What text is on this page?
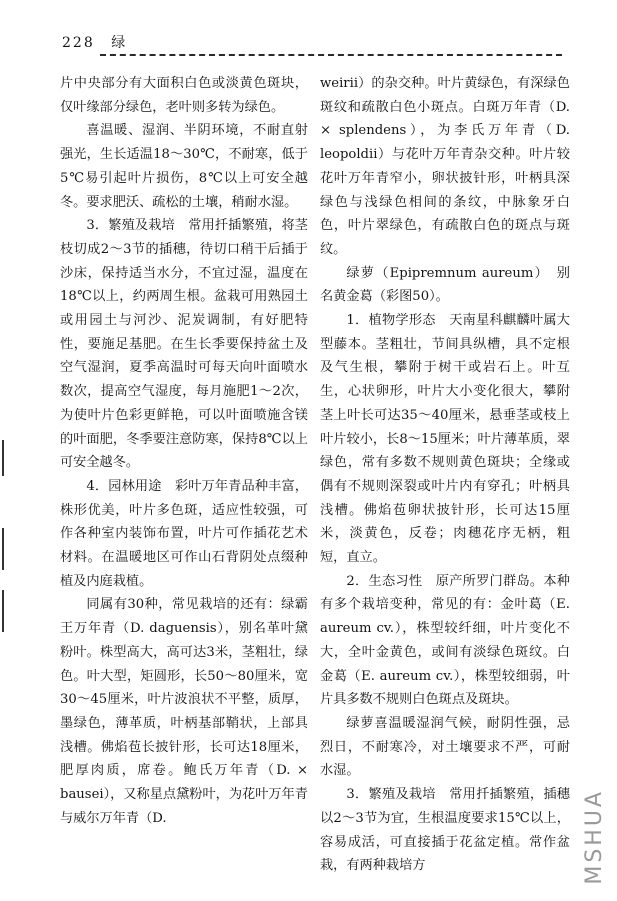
228 绿

片中央部分有大面积白色或淡黄色斑块，仅叶缘部分绿色，老叶则多转为绿色。

喜温暖、湿润、半阴环境，不耐直射强光，生长适温18～30℃，不耐寒，低于5℃易引起叶片损伤，8℃以上可安全越冬。要求肥沃、疏松的土壤，稍耐水湿。

3．繁殖及栽培　常用扦插繁殖，将茎枝切成2～3节的插穗，待切口稍干后插于沙床，保持适当水分，不宜过湿，温度在18℃以上，约两周生根。盆栽可用熟园土或用园土与河沙、泥炭调制，有好肥特性，要施足基肥。在生长季要保持盆土及空气湿润，夏季高温时可每天向叶面喷水数次，提高空气湿度，每月施肥1～2次，为使叶片色彩更鲜艳，可以叶面喷施含镁的叶面肥，冬季要注意防寒，保持8℃以上可安全越冬。

4．园林用途　彩叶万年青品种丰富，株形优美，叶片多色斑，适应性较强，可作各种室内装饰布置，叶片可作插花艺术材料。在温暖地区可作山石背阴处点缀种植及内庭栽植。

同属有30种，常见栽培的还有：绿霸王万年青（D. daguensis），别名革叶黛粉叶。株型高大，高可达3米，茎粗壮，绿色。叶大型，矩圆形，长50～80厘米，宽30～45厘米，叶片波浪状不平整，质厚，墨绿色，薄革质，叶柄基部鞘状，上部具浅槽。佛焰苞长披针形，长可达18厘米，肥厚肉质，席卷。鲍氏万年青（D. × bausei），又称星点黛粉叶，为花叶万年青与威尔万年青（D.

weirii）的杂交种。叶片黄绿色，有深绿色斑纹和疏散白色小斑点。白斑万年青（D. × splendens），为李氏万年青（D. leopoldii）与花叶万年青杂交种。叶片较花叶万年青窄小，卵状披针形，叶柄具深绿色与浅绿色相间的条纹，中脉象牙白色，叶片翠绿色，有疏散白色的斑点与斑纹。

绿萝（Epipremnum aureum）　别名黄金葛（彩图50）。

1．植物学形态　天南星科麒麟叶属大型藤本。茎粗壮，节间具纵槽，具不定根及气生根，攀附于树干或岩石上。叶互生，心状卵形，叶片大小变化很大，攀附茎上叶长可达35～40厘米，悬垂茎或枝上叶片较小，长8～15厘米；叶片薄革质，翠绿色，常有多数不规则黄色斑块；全缘或偶有不规则深裂或叶片内有穿孔；叶柄具浅槽。佛焰苞卵状披针形，长可达15厘米，淡黄色，反卷；肉穗花序无柄，粗短，直立。

2．生态习性　原产所罗门群岛。本种有多个栽培变种，常见的有：金叶葛（E. aureum cv.），株型较纤细，叶片变化不大，全叶金黄色，或间有淡绿色斑纹。白金葛（E. aureum cv.），株型较细弱，叶片具多数不规则白色斑点及斑块。

绿萝喜温暖湿润气候，耐阴性强，忌烈日，不耐寒冷，对土壤要求不严，可耐水湿。

3．繁殖及栽培　常用扦插繁殖，插穗以2～3节为宜，生根温度要求15℃以上，容易成活，可直接插于花盆定植。常作盆栽，有两种栽培方	MSHUA
